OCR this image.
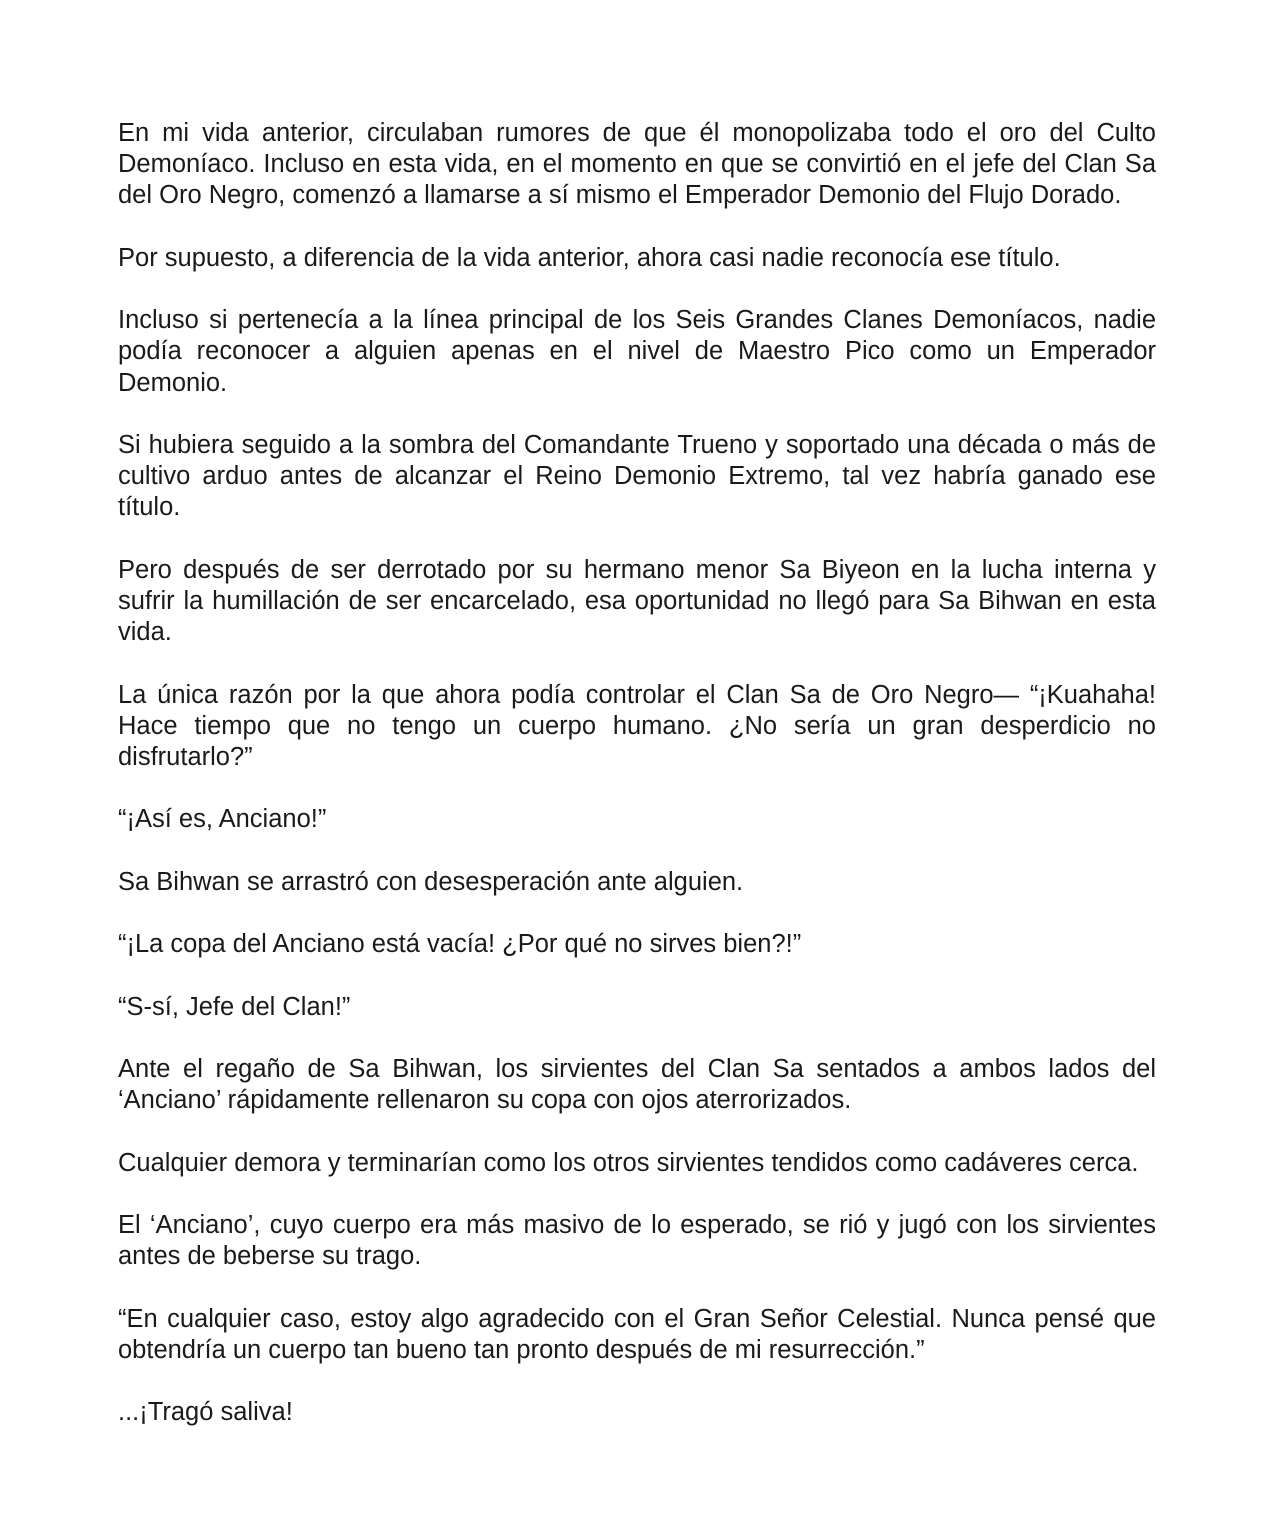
En mi vida anterior, circulaban rumores de que él monopolizaba todo el oro del Culto Demoníaco. Incluso en esta vida, en el momento en que se convirtió en el jefe del Clan Sa del Oro Negro, comenzó a llamarse a sí mismo el Emperador Demonio del Flujo Dorado.

Por supuesto, a diferencia de la vida anterior, ahora casi nadie reconocía ese título.

Incluso si pertenecía a la línea principal de los Seis Grandes Clanes Demoníacos, nadie podía reconocer a alguien apenas en el nivel de Maestro Pico como un Emperador Demonio.

Si hubiera seguido a la sombra del Comandante Trueno y soportado una década o más de cultivo arduo antes de alcanzar el Reino Demonio Extremo, tal vez habría ganado ese título.

Pero después de ser derrotado por su hermano menor Sa Biyeon en la lucha interna y sufrir la humillación de ser encarcelado, esa oportunidad no llegó para Sa Bihwan en esta vida.

La única razón por la que ahora podía controlar el Clan Sa de Oro Negro— “¡Kuahaha! Hace tiempo que no tengo un cuerpo humano. ¿No sería un gran desperdicio no disfrutarlo?”

“¡Así es, Anciano!”

Sa Bihwan se arrastró con desesperación ante alguien.

“¡La copa del Anciano está vacía! ¿Por qué no sirves bien?!”

“S-sí, Jefe del Clan!”

Ante el regaño de Sa Bihwan, los sirvientes del Clan Sa sentados a ambos lados del ‘Anciano’ rápidamente rellenaron su copa con ojos aterrorizados.

Cualquier demora y terminarían como los otros sirvientes tendidos como cadáveres cerca.

El ‘Anciano’, cuyo cuerpo era más masivo de lo esperado, se rió y jugó con los sirvientes antes de beberse su trago.

“En cualquier caso, estoy algo agradecido con el Gran Señor Celestial. Nunca pensé que obtendría un cuerpo tan bueno tan pronto después de mi resurrección.”

...¡Tragó saliva!
